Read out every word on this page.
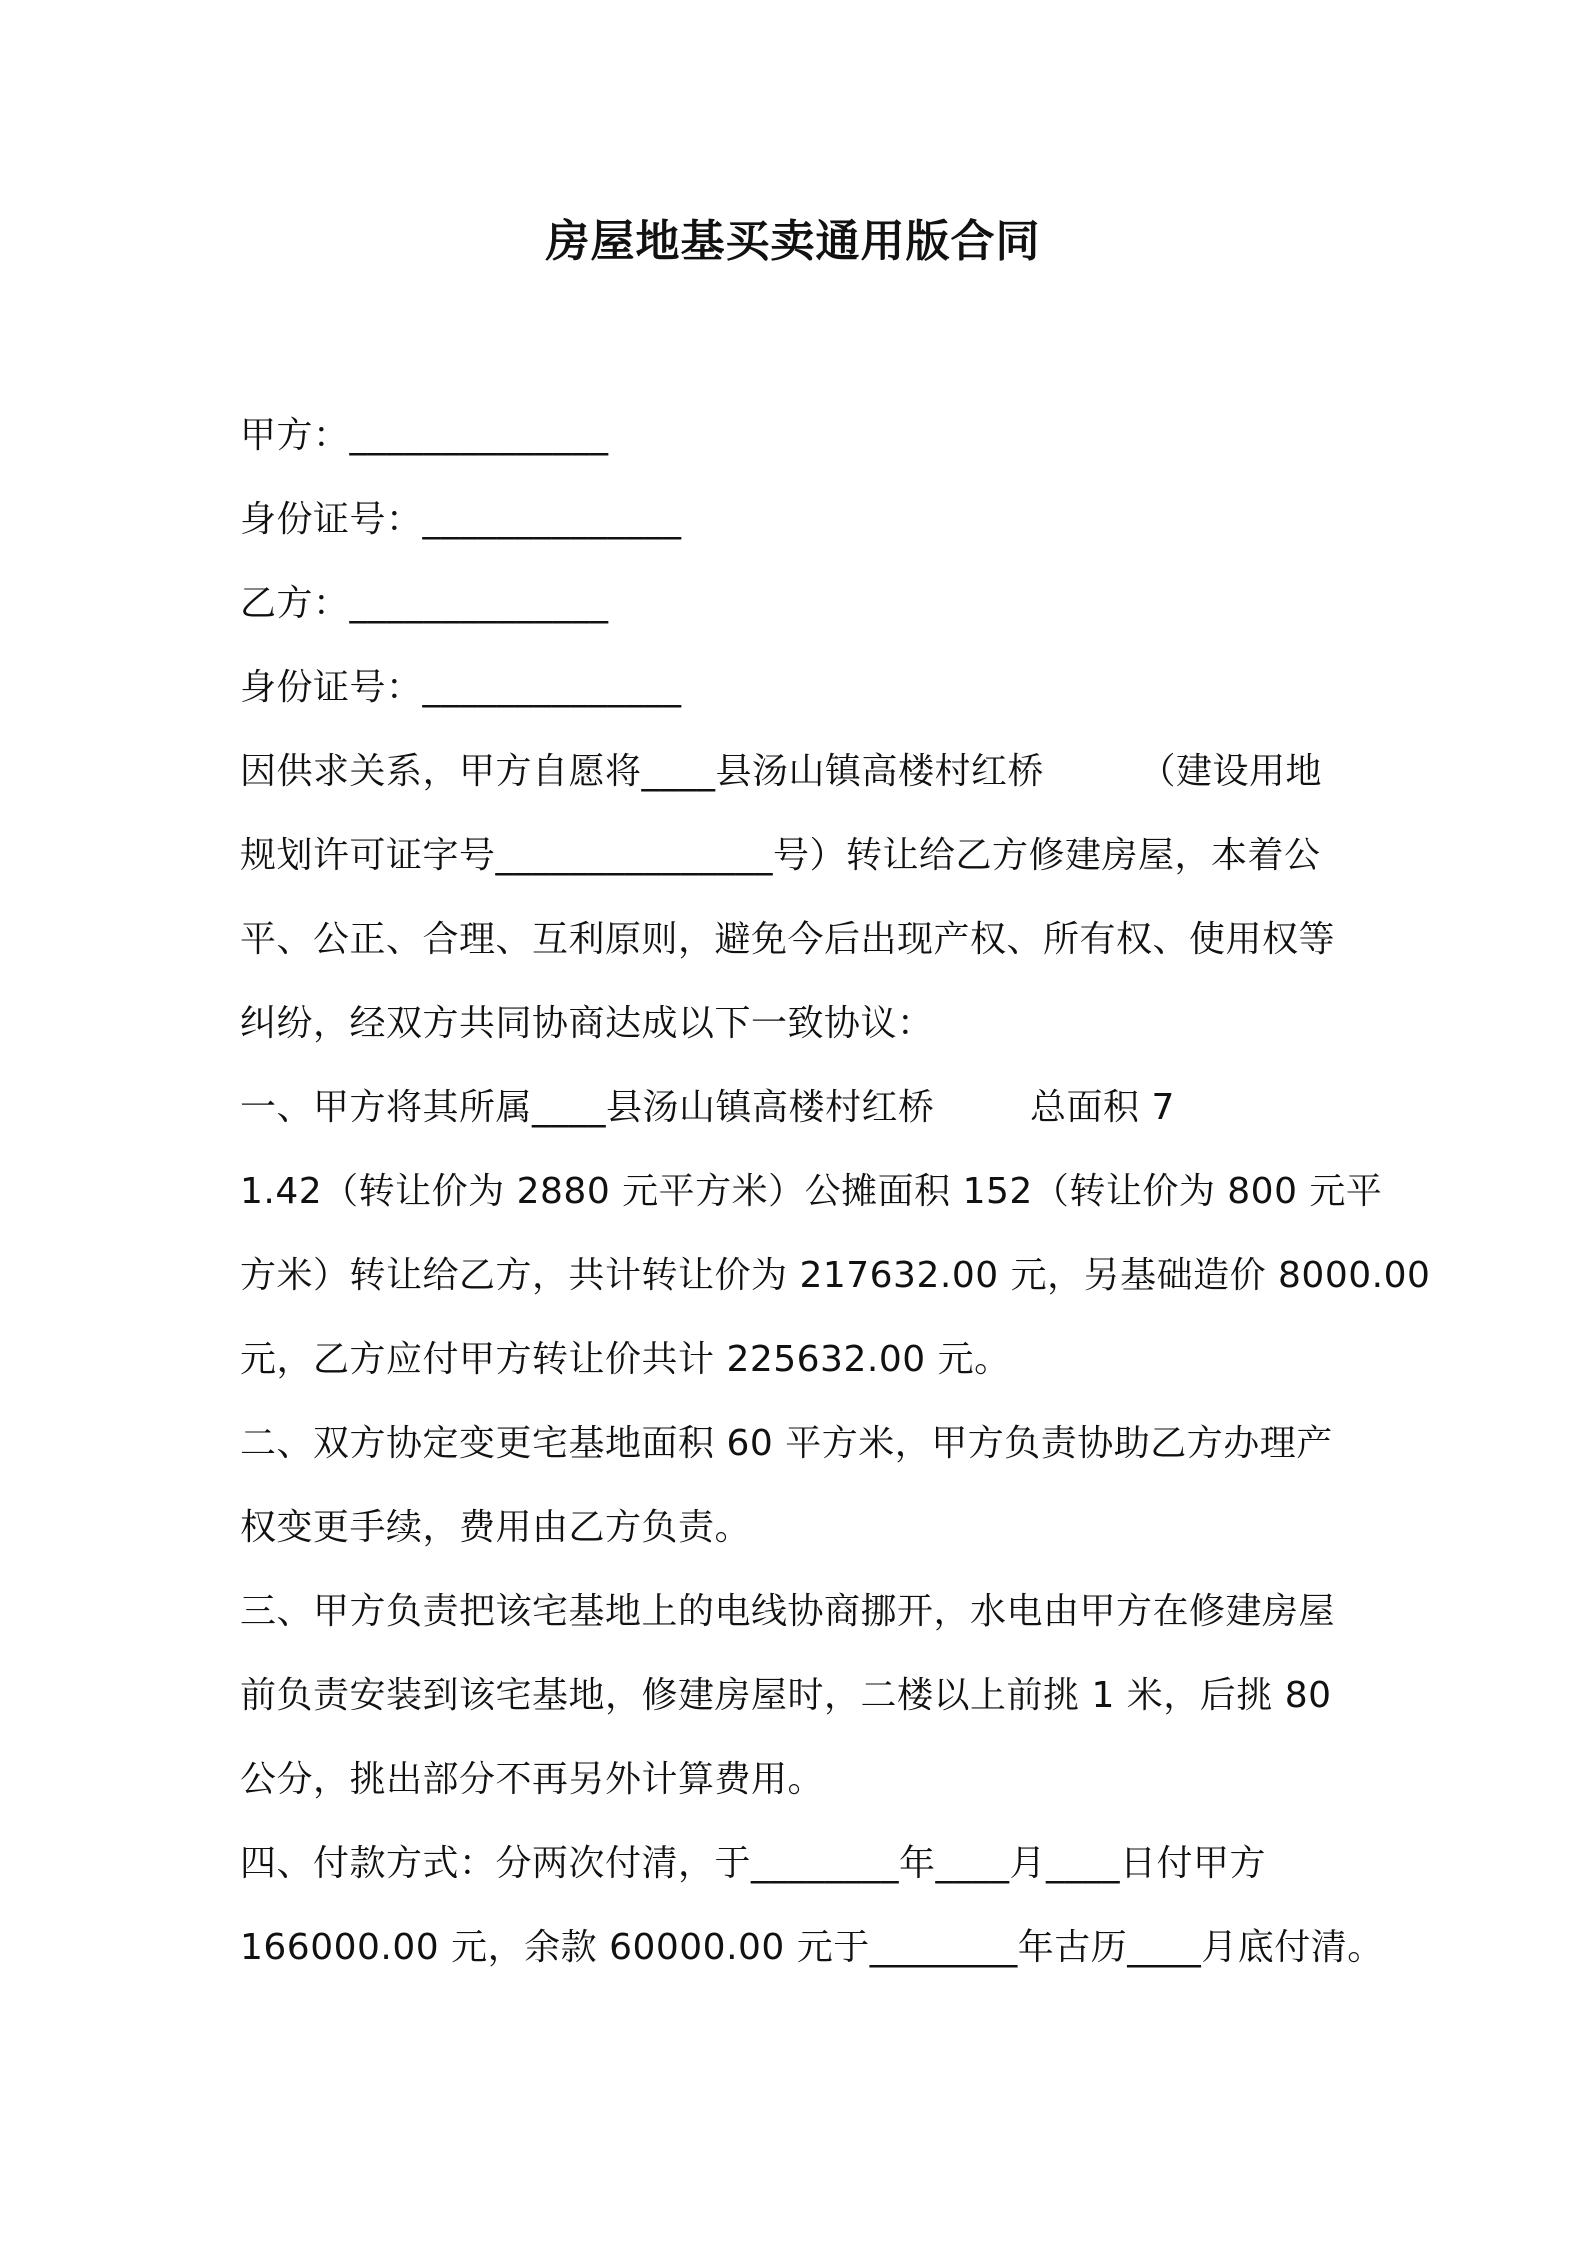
房屋地基买卖通用版合同
甲方：______________
身份证号：______________
乙方：______________
身份证号：______________
因供求关系，甲方自愿将____县汤山镇高楼村红桥        （建设用地
规划许可证字号_______________号）转让给乙方修建房屋，本着公
平、公正、合理、互利原则，避免今后出现产权、所有权、使用权等
纠纷，经双方共同协商达成以下一致协议：
一、甲方将其所属____县汤山镇高楼村红桥        总面积 7
1.42（转让价为 2880 元平方米）公摊面积 152（转让价为 800 元平
方米）转让给乙方，共计转让价为 217632.00 元，另基础造价 8000.00
元，乙方应付甲方转让价共计 225632.00 元。
二、双方协定变更宅基地面积 60 平方米，甲方负责协助乙方办理产
权变更手续，费用由乙方负责。
三、甲方负责把该宅基地上的电线协商挪开，水电由甲方在修建房屋
前负责安装到该宅基地，修建房屋时，二楼以上前挑 1 米，后挑 80
公分，挑出部分不再另外计算费用。
四、付款方式：分两次付清，于________年____月____日付甲方
166000.00 元，余款 60000.00 元于________年古历____月底付清。
